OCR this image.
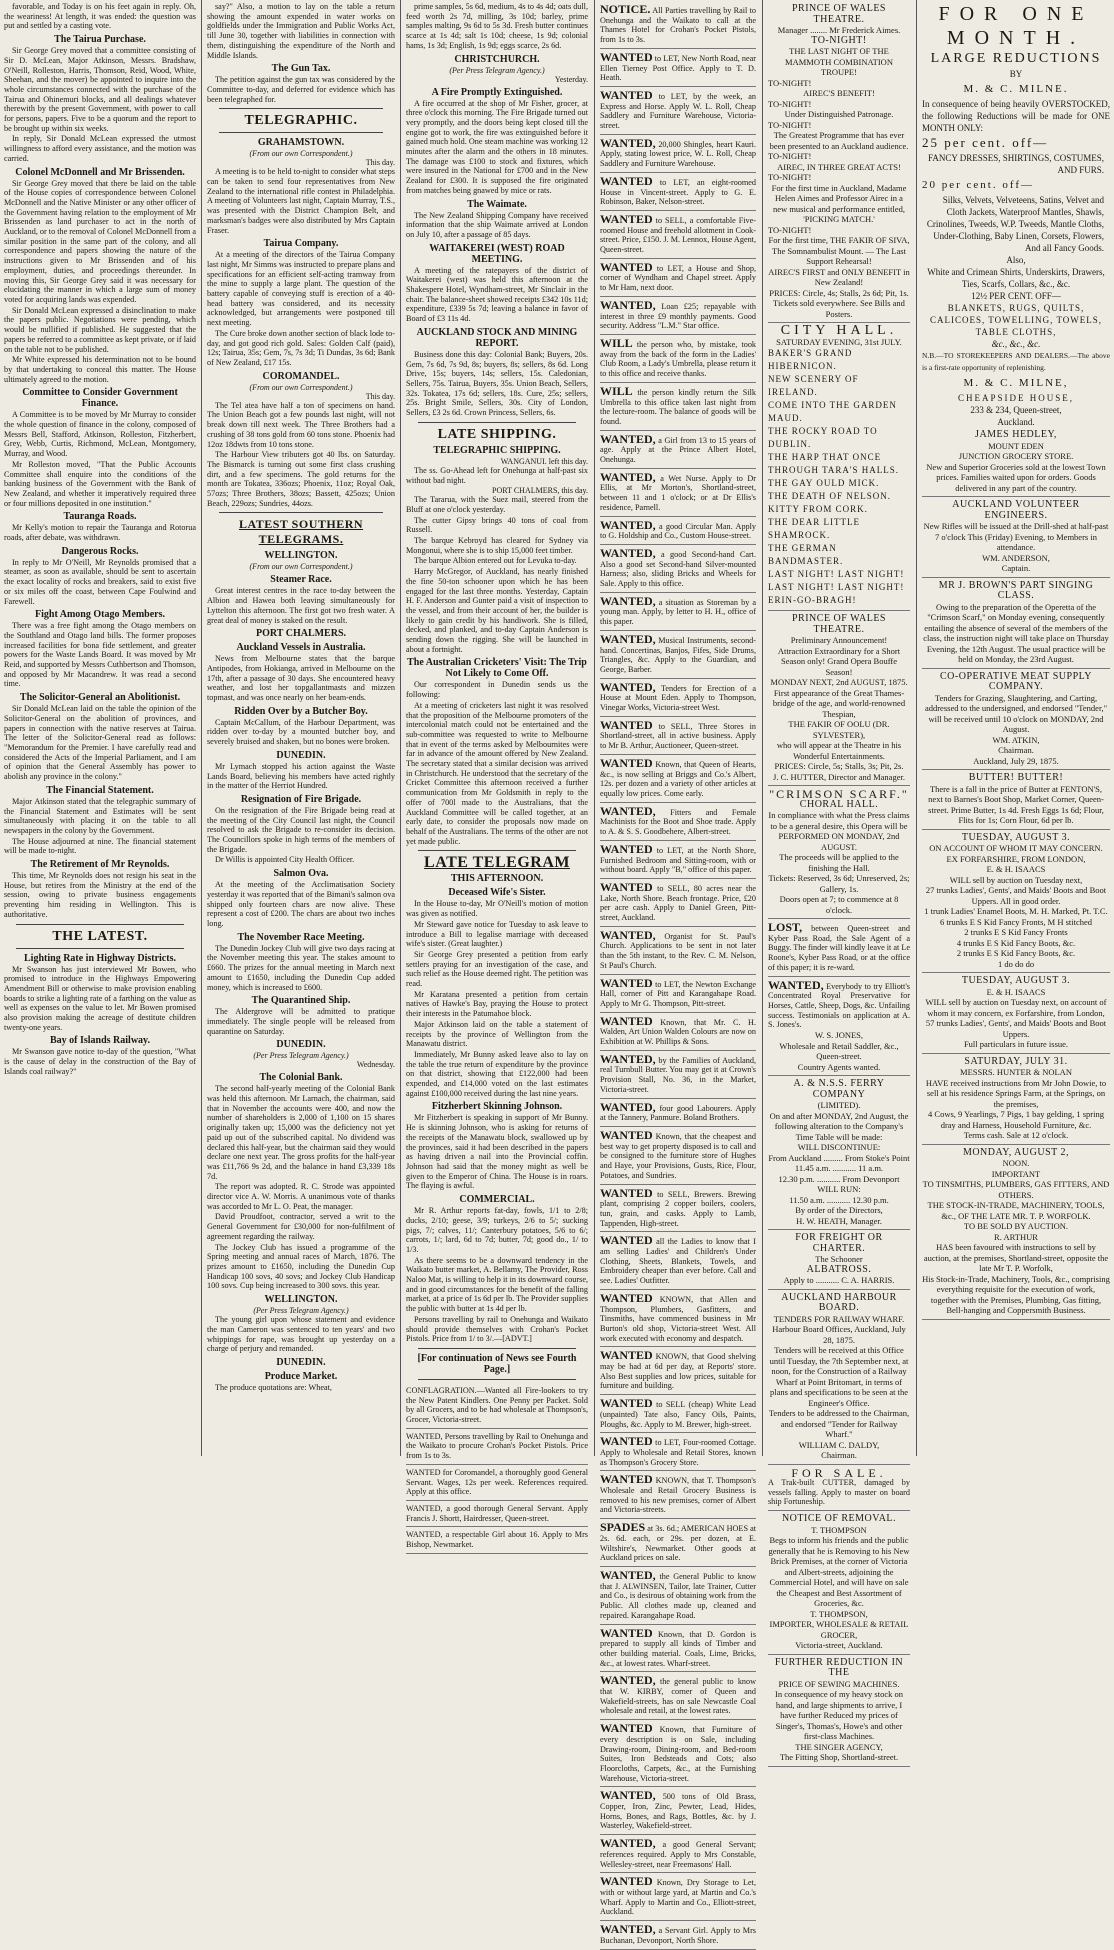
favorable, and Today is on his feet again in reply. Oh, the weariness! At length, it was ended: the question was put and settled by a casting vote.

The Tairua Purchase.

Sir George Grey moved that a committee consisting of Sir D. McLean, Major Atkinson, Messrs. Bradshaw, O'Neill, Rolleston, Harris, Thomson, Reid, Wood, White, Sheehan, and the mover) be appointed to inquire into the whole circumstances connected with the purchase of the Tairua and Ohinemuri blocks, and all dealings whatever therewith by the present Government, with power to call for persons, papers. Five to be a quorum and the report to be brought up within six weeks.

In reply, Sir Donald McLean expressed the utmost willingness to afford every assistance, and the motion was carried.

Colonel McDonnell and Mr Brissenden.

Sir George Grey moved that there be laid on the table of the House copies of correspondence between Colonel McDonnell and the Native Minister or any other officer of the Government having relation to the employment of Mr Brissenden as land purchaser to act in the north of Auckland, or to the removal of Colonel McDonnell from a similar position in the same part of the colony, and all correspondence and papers showing the nature of the instructions given to Mr Brissenden and of his employment, duties, and proceedings thereunder. In moving this, Sir George Grey said it was necessary for elucidating the manner in which a large sum of money voted for acquiring lands was expended.

Sir Donald McLean expressed a disinclination to make the papers public. Negotiations were pending, which would be nullified if published. He suggested that the papers be referred to a committee as kept private, or if laid on the table not to be published.

Mr White expressed his determination not to be bound by that undertaking to conceal this matter. The House ultimately agreed to the motion.

Committee to Consider Government Finance.

A Committee is to be moved by Mr Murray to consider the whole question of finance in the colony, composed of Messrs Bell, Stafford, Atkinson, Rolleston, Fitzherbert, Grey, Webb, Curtis, Richmond, McLean, Montgomery, Murray, and Wood.

Mr Rolleston moved, "That the Public Accounts Committee shall enquire into the conditions of the banking business of the Government with the Bank of New Zealand, and whether it imperatively required three or four millions deposited in one institution."

Tauranga Roads.

Mr Kelly's motion to repair the Tauranga and Rotorua roads, after debate, was withdrawn.

Dangerous Rocks.

In reply to Mr O'Neill, Mr Reynolds promised that a steamer, as soon as available, should be sent to ascertain the exact locality of rocks and breakers, said to exist five or six miles off the coast, between Cape Foulwind and Farewell.

Fight Among Otago Members.

There was a free fight among the Otago members on the Southland and Otago land bills. The former proposes increased facilities for bona fide settlement, and greater powers for the Waste Lands Board. It was moved by Mr Reid, and supported by Messrs Cuthbertson and Thomson, and opposed by Mr Macandrew. It was read a second time.

The Solicitor-General an Abolitionist.

Sir Donald McLean laid on the table the opinion of the Solicitor-General on the abolition of provinces, and papers in connection with the native reserves at Tairua. The letter of the Solicitor-General read as follows: "Memorandum for the Premier. I have carefully read and considered the Acts of the Imperial Parliament, and I am of opinion that the General Assembly has power to abolish any province in the colony."

The Financial Statement.

Major Atkinson stated that the telegraphic summary of the Financial Statement and Estimates will be sent simultaneously with placing it on the table to all newspapers in the colony by the Government.

The House adjourned at nine. The financial statement will be made to-night.

The Retirement of Mr Reynolds.

This time, Mr Reynolds does not resign his seat in the House, but retires from the Ministry at the end of the session, owing to private business engagements preventing him residing in Wellington. This is authoritative.

THE LATEST.
Lighting Rate in Highway Districts.

Mr Swanson has just interviewed Mr Bowen, who promised to introduce in the Highways Empowering Amendment Bill or otherwise to make provision enabling boards to strike a lighting rate of a farthing on the value as well as expenses on the value to let. Mr Bowen promised also provision making the acreage of destitute children twenty-one years.

Bay of Islands Railway.

Mr Swanson gave notice to-day of the question, "What is the cause of delay in the construction of the Bay of Islands coal railway?"

say?" Also, a motion to lay on the table a return showing the amount expended in water works on goldfields under the Immigration and Public Works Act, till June 30, together with liabilities in connection with them, distinguishing the expenditure of the North and Middle Islands.

The Gun Tax.

The petition against the gun tax was considered by the Committee to-day, and deferred for evidence which has been telegraphed for.

TELEGRAPHIC.
GRAHAMSTOWN.
(From our own Correspondent.)
This day.

A meeting is to be held to-night to consider what steps can be taken to send four representatives from New Zealand to the international rifle contest in Philadelphia. A meeting of Volunteers last night, Captain Murray, T.S., was presented with the District Champion Belt, and marksman's badges were also distributed by Mrs Captain Fraser.

Tairua Company.

At a meeting of the directors of the Tairua Company last night, Mr Simms was instructed to prepare plans and specifications for an efficient self-acting tramway from the mine to supply a large plant. The question of the battery capable of conveying stuff is erection of a 40-head battery was considered, and its necessity acknowledged, but arrangements were postponed till next meeting.

The Cure broke down another section of black lode to-day, and got good rich gold. Sales: Golden Calf (paid), 12s; Tairua, 35s; Gem, 7s, 7s 3d; Ti Dundas, 3s 6d; Bank of New Zealand, £17 15s.

COROMANDEL.
(From our own Correspondent.)
This day.

The Tel atea have half a ton of specimens on hand. The Union Beach got a few pounds last night, will not break down till next week. The Three Brothers had a crushing of 38 tons gold from 60 tons stone. Phoenix had 12oz 18dwts from 10 tons stone.

The Harbour View tributers got 40 lbs. on Saturday. The Bismarck is turning out some first class crushing dirt, and a few specimens. The gold returns for the month are Tokatea, 336ozs; Phoenix, 11oz; Royal Oak, 57ozs; Three Brothers, 38ozs; Bassett, 425ozs; Union Beach, 229ozs; Sundries, 44ozs.

LATEST SOUTHERN TELEGRAMS.
WELLINGTON.
(From our own Correspondent.)
Steamer Race.

Great interest centres in the race to-day between the Albion and Hawea both leaving simultaneously for Lyttelton this afternoon. The first got two fresh water. A great deal of money is staked on the result.

PORT CHALMERS.
Auckland Vessels in Australia.

News from Melbourne states that the barque Antipodes, from Hokianga, arrived in Melbourne on the 17th, after a passage of 30 days. She encountered heavy weather, and lost her topgallantmasts and mizzen topmast, and was once nearly on her beam-ends.

Ridden Over by a Butcher Boy.

Captain McCallum, of the Harbour Department, was ridden over to-day by a mounted butcher boy, and severely bruised and shaken, but no bones were broken.

DUNEDIN.

Mr Lymach stopped his action against the Waste Lands Board, believing his members have acted rightly in the matter of the Herriot Hundred.

Resignation of Fire Brigade.

On the resignation of the Fire Brigade being read at the meeting of the City Council last night, the Council resolved to ask the Brigade to re-consider its decision. The Councillors spoke in high terms of the members of the Brigade.

Dr Willis is appointed City Health Officer.

Salmon Ova.

At the meeting of the Acclimatisation Society yesterday it was reported that of the Bimani's salmon ova shipped only fourteen chars are now alive. These represent a cost of £200. The chars are about two inches long.

The November Race Meeting.

The Dunedin Jockey Club will give two days racing at the November meeting this year. The stakes amount to £660. The prizes for the annual meeting in March next amount to £1650, including the Dunedin Cup added money, which is increased to £600.

The Quarantined Ship.

The Aldergrove will be admitted to pratique immediately. The single people will be released from quarantine on Saturday.

DUNEDIN.
(Per Press Telegram Agency.)
Wednesday.
The Colonial Bank.

The second half-yearly meeting of the Colonial Bank was held this afternoon. Mr Larnach, the chairman, said that in November the accounts were 400, and now the number of shareholders is 2,000 of 1,100 on 15 shares originally taken up; 15,000 was the deficiency not yet paid up out of the subscribed capital. No dividend was declared this half-year, but the chairman said they would declare one next year. The gross profits for the half-year was £11,766 9s 2d, and the balance in hand £3,339 18s 7d.

The report was adopted. R. C. Strode was appointed director vice A. W. Morris. A unanimous vote of thanks was accorded to Mr L. O. Peat, the manager.

David Proudfoot, contractor, served a writ to the General Government for £30,000 for non-fulfilment of agreement regarding the railway.

The Jockey Club has issued a programme of the Spring meeting and annual races of March, 1876. The prizes amount to £1650, including the Dunedin Cup Handicap 100 sovs, 40 sovs; and Jockey Club Handicap 100 sovs. Cup being increased to 300 sovs. this year.

WELLINGTON.
(Per Press Telegram Agency.)

The young girl upon whose statement and evidence the man Cameron was sentenced to ten years' and two whippings for rape, was brought up yesterday on a charge of perjury and remanded.

DUNEDIN.
Produce Market.

The produce quotations are: Wheat,

prime samples, 5s 6d, medium, 4s to 4s 4d; oats dull, feed worth 2s 7d, milling, 3s 10d; barley, prime samples malting, 9s 6d to 5s 3d. Fresh butter continues scarce at 1s 4d; salt 1s 10d; cheese, 1s 9d; colonial hams, 1s 3d; English, 1s 9d; eggs scarce, 2s 6d.

CHRISTCHURCH.
(Per Press Telegram Agency.)
Yesterday.
A Fire Promptly Extinguished.

A fire occurred at the shop of Mr Fisher, grocer, at three o'clock this morning. The Fire Brigade turned out very promptly, and the doors being kept closed till the engine got to work, the fire was extinguished before it gained much hold. One steam machine was working 12 minutes after the alarm and the others in 18 minutes. The damage was £100 to stock and fixtures, which were insured in the National for £700 and in the New Zealand for £300. It is supposed the fire originated from matches being gnawed by mice or rats.

The Waimate.

The New Zealand Shipping Company have received information that the ship Waimate arrived at London on July 10, after a passage of 85 days.

WAITAKEREI (WEST) ROAD MEETING.

A meeting of the ratepayers of the district of Waitakerei (west) was held this afternoon at the Shakespere Hotel, Wyndham-street, Mr Sinclair in the chair. The balance-sheet showed receipts £342 10s 11d; expenditure, £339 5s 7d; leaving a balance in favor of Board of £3 11s 4d.

AUCKLAND STOCK AND MINING REPORT.

Business done this day: Colonial Bank; Buyers, 20s. Gem, 7s 6d, 7s 9d, 8s; buyers, 8s; sellers, 8s 6d. Long Drive, 15s; buyers, 14s; sellers, 15s. Caledonian, Sellers, 75s. Tairua, Buyers, 35s. Union Beach, Sellers, 32s. Tokatea, 17s 6d; sellers, 18s. Cure, 25s; sellers, 25s. Bright Smile, Sellers, 30s. City of London, Sellers, £3 2s 6d. Crown Princess, Sellers, 6s.

LATE SHIPPING.
TELEGRAPHIC SHIPPING.
WANGANUI. left this day.

The ss. Go-Ahead left for Onehunga at half-past six without bad night.

PORT CHALMERS, this day.

The Tararua, with the Suez mail, steered from the Bluff at one o'clock yesterday.

The cutter Gipsy brings 40 tons of coal from Russell.

The barque Kebroyd has cleared for Sydney via Mongonui, where she is to ship 15,000 feet timber.

The barque Albion entered out for Levuka to-day.

Harry McGregor, of Auckland, has nearly finished the fine 50-ton schooner upon which he has been engaged for the last three months. Yesterday, Captain H. F. Anderson and Gunter paid a visit of inspection to the vessel, and from their account of her, the builder is likely to gain credit by his handiwork. She is filled, decked, and planked, and to-day Captain Anderson is sending down the rigging. She will be launched in about a fortnight.

The Australian Cricketers' Visit: The Trip Not Likely to Come Off.

Our correspondent in Dunedin sends us the following:

At a meeting of cricketers last night it was resolved that the proposition of the Melbourne promoters of the intercolonial match could not be entertained and the sub-committee was requested to write to Melbourne that in event of the terms asked by Melbournites were far in advance of the amount offered by New Zealand. The secretary stated that a similar decision was arrived in Christchurch. He understood that the secretary of the Cricket Committee this afternoon received a further communication from Mr Goldsmith in reply to the offer of 700l made to the Australians, that the Auckland Committee will be called together, at an early date, to consider the proposals now made on behalf of the Australians. The terms of the other are not yet made public.

LATE TELEGRAM
THIS AFTERNOON.
Deceased Wife's Sister.

In the House to-day, Mr O'Neill's motion of motion was given as notified.

Mr Steward gave notice for Tuesday to ask leave to introduce a Bill to legalise marriage with deceased wife's sister. (Great laughter.)

Sir George Grey presented a petition from early settlers praying for an investigation of the case, and such relief as the House deemed right. The petition was read.

Mr Karatana presented a petition from certain natives of Hawke's Bay, praying the House to protect their interests in the Patumahoe block.

Major Atkinson laid on the table a statement of receipts by the province of Wellington from the Manawatu district.

Immediately, Mr Bunny asked leave also to lay on the table the true return of expenditure by the province on that district, showing that £122,000 had been expended, and £14,000 voted on the last estimates against £100,000 received during the last nine years.

Fitzherbert Skinning Johnson.

Mr Fitzherbert is speaking in support of Mr Bunny. He is skinning Johnson, who is asking for returns of the receipts of the Manawatu block, swallowed up by the provinces, said it had been described in the papers as having driven a nail into the Provincial coffin. Johnson had said that the money might as well be given to the Emperor of China. The House is in roars. The flaying is awful.

COMMERCIAL.

Mr R. Arthur reports fat-day, fowls, 1/1 to 2/8; ducks, 2/10; geese, 3/9; turkeys, 2/6 to 5/; sucking pigs, 7/; calves, 11/; Canterbury potatoes, 5/6 to 6/; carrots, 1/; lard, 6d to 7d; butter, 7d; good do., 1/ to 1/3.

As there seems to be a downward tendency in the Waikato butter market, A. Bellamy, The Provider, Ross Naloo Mat, is willing to help it in its downward course, and in good circumstances for the benefit of the falling market, at a price of 1s 6d per lb. The Provider supplies the public with butter at 1s 4d per lb.

Persons travelling by rail to Onehunga and Waikato should provide themselves with Crohan's Pocket Pistols. Price from 1/ to 3/.—[ADVT.]

[For continuation of News see Fourth Page.]
CONFLAGRATION.—Wanted all Fire-lookers to try the New Patent Kindlers. One Penny per Packet. Sold by all Grocers, and to be had wholesale at Thompson's, Grocer, Victoria-street.
WANTED, Persons travelling by Rail to Onehunga and the Waikato to procure Crohan's Pocket Pistols. Price from 1s to 3s.
WANTED for Coromandel, a thoroughly good General Servant. Wages, 12s per week. References required. Apply at this office.
WANTED, a good thorough General Servant. Apply Francis J. Shortt, Hairdresser, Queen-street.
WANTED, a respectable Girl about 16. Apply to Mrs Bishop, Newmarket.
NOTICE. All Parties travelling by Rail to Onehunga and the Waikato to call at the Thames Hotel for Crohan's Pocket Pistols, from 1s to 3s.
WANTED to LET, New North Road, near Ellen Tierney Post Office. Apply to T. D. Heath.
WANTED to LET, by the week, an Express and Horse. Apply W. L. Roll, Cheap Saddlery and Furniture Warehouse, Victoria-street.
WANTED, 20,000 Shingles, heart Kauri. Apply, stating lowest price, W. L. Roll, Cheap Saddlery and Furniture Warehouse.
WANTED to LET, an eight-roomed House in Vincent-street. Apply to G. E. Robinson, Baker, Nelson-street.
WANTED to SELL, a comfortable Five-roomed House and freehold allotment in Cook-street. Price, £150. J. M. Lennox, House Agent, Queen-street.
WANTED to LET, a House and Shop, corner of Wyndham and Chapel street. Apply to Mr Ham, next door.
WANTED, Loan £25; repayable with interest in three £9 monthly payments. Good security. Address "L.M." Star office.
WILL the person who, by mistake, took away from the back of the form in the Ladies' Club Room, a Lady's Umbrella, please return it to this office and receive thanks.
WILL the person kindly return the Silk Umbrella to this office taken last night from the lecture-room. The balance of goods will be found.
WANTED, a Girl from 13 to 15 years of age. Apply at the Prince Albert Hotel, Onehunga.
WANTED, a Wet Nurse. Apply to Dr Ellis, at Mr Morton's, Shortland-street, between 11 and 1 o'clock; or at Dr Ellis's residence, Parnell.
WANTED, a good Circular Man. Apply to G. Holdship and Co., Custom House-street.
WANTED, a good Second-hand Cart. Also a good set Second-hand Silver-mounted Harness; also, sliding Bricks and Wheels for Sale. Apply to this office.
WANTED, a situation as Storeman by a young man. Apply, by letter to H. H., office of this paper.
WANTED, Musical Instruments, second-hand. Concertinas, Banjos, Fifes, Side Drums, Triangles, &c. Apply to the Guardian, and George, Barber.
WANTED, Tenders for Erection of a House at Mount Eden. Apply to Thompson, Vinegar Works, Victoria-street West.
WANTED to SELL, Three Stores in Shortland-street, all in active business. Apply to Mr B. Arthur, Auctioneer, Queen-street.
WANTED Known, that Queen of Hearts, &c., is now selling at Briggs and Co.'s Albert, 12s. per dozen and a variety of other articles at equally low prices. Come early.
WANTED, Fitters and Female Machinists for the Boot and Shoe trade. Apply to A. & S. S. Goodbehere, Albert-street.
WANTED to LET, at the North Shore, Furnished Bedroom and Sitting-room, with or without board. Apply "B," office of this paper.
WANTED to SELL, 80 acres near the Lake, North Shore. Beach frontage. Price, £20 per acre cash. Apply to Daniel Green, Pitt-street, Auckland.
WANTED, Organist for St. Paul's Church. Applications to be sent in not later than the 5th instant, to the Rev. C. M. Nelson, St Paul's Church.
WANTED to LET, the Newton Exchange Hall, corner of Pitt and Karangahape Road. Apply to Mr G. Thompson, Pitt-street.
WANTED Known, that Mr. C. H. Walden, Art Union Walden Colours are now on Exhibition at W. Phillips & Sons.
WANTED, by the Families of Auckland, real Turnbull Butter. You may get it at Crown's Provision Stall, No. 36, in the Market, Victoria-street.
WANTED, four good Labourers. Apply at the Tannery, Panmure. Boland Brothers.
WANTED Known, that the cheapest and best way to get property disposed is to call and be consigned to the furniture store of Hughes and Haye, your Provisions, Gusts, Rice, Flour, Potatoes, and Sundries.
WANTED to SELL, Brewers. Brewing plant, comprising 2 copper boilers, coolers, tun, grain, and casks. Apply to Lamb, Tappenden, High-street.
WANTED all the Ladies to know that I am selling Ladies' and Children's Under Clothing, Sheets, Blankets, Towels, and Embroidery cheaper than ever before. Call and see. Ladies' Outfitter.
WANTED KNOWN, that Allen and Thompson, Plumbers, Gasfitters, and Tinsmiths, have commenced business in Mr Burton's old shop, Victoria-street West. All work executed with economy and despatch.
WANTED KNOWN, that Good shelving may be had at 6d per day, at Reports' store. Also Best supplies and low prices, suitable for furniture and building.
WANTED to SELL (cheap) White Lead (unpainted) Tate also, Fancy Oils, Paints, Ploughs, &c. Apply to M. Brewer, high-street.
WANTED to LET, Four-roomed Cottage. Apply to Wholesale and Retail Stores, known as Thompson's Grocery Store.
WANTED KNOWN, that T. Thompson's Wholesale and Retail Grocery Business is removed to his new premises, corner of Albert and Victoria-streets.
SPADES at 3s. 6d.; AMERICAN HOES at 2s. 6d. each, or 29s. per dozen, at E. Wiltshire's, Newmarket. Other goods at Auckland prices on sale.
WANTED, the General Public to know that J. ALWINSEN, Tailor, late Trainer, Cutter and Co., is desirous of obtaining work from the Public. All clothes made up, cleaned and repaired. Karangahape Road.
WANTED Known, that D. Gordon is prepared to supply all kinds of Timber and other building material. Coals, Lime, Bricks, &c., at lowest rates. Wharf-street.
WANTED, the general public to know that W. KIRBY, corner of Queen and Wakefield-streets, has on sale Newcastle Coal wholesale and retail, at the lowest rates.
WANTED Known, that Furniture of every description is on Sale, including Drawing-room, Dining-room, and Bed-room Suites, Iron Bedsteads and Cots; also Floorcloths, Carpets, &c., at the Furnishing Warehouse, Victoria-street.
WANTED, 500 tons of Old Brass, Copper, Iron, Zinc, Pewter, Lead, Hides, Horns, Bones, and Rags, Bottles, &c. by J. Wasterley, Wakefield-street.
WANTED, a good General Servant; references required. Apply to Mrs Constable, Wellesley-street, near Freemasons' Hall.
WANTED Known, Dry Storage to Let, with or without large yard, at Martin and Co.'s Wharf. Apply to Martin and Co., Elliott-street, Auckland.
WANTED, a Servant Girl. Apply to Mrs Buchanan, Devonport, North Shore.
PRINCE OF WALES THEATRE.
Manager ........ Mr Frederick Aimes.
TO-NIGHT!
THE LAST NIGHT OF THE
MAMMOTH COMBINATION TROUPE!
TO-NIGHT!
AIREC'S BENEFIT!
TO-NIGHT!
Under Distinguished Patronage.
TO-NIGHT!
The Greatest Programme that has ever been presented to an Auckland audience.
TO-NIGHT!
AIREC, IN THREE GREAT ACTS!
TO-NIGHT!
For the first time in Auckland, Madame Helen Aimes and Professor Airec in a new musical and performance entitled, 'PICKING MATCH.'
TO-NIGHT!
For the first time, THE FAKIR OF SIVA, The Somnambulist Mount. — The Last Support Rehearsal!
AIREC'S FIRST and ONLY BENEFIT in New Zealand!
PRICES: Circle, 4s; Stalls, 2s 6d; Pit, 1s. Tickets sold everywhere. See Bills and Posters.
CITY HALL.
SATURDAY EVENING, 31st JULY.
BAKER'S GRAND HIBERNICON.
NEW SCENERY OF IRELAND.
COME INTO THE GARDEN MAUD.
THE ROCKY ROAD TO DUBLIN.
THE HARP THAT ONCE THROUGH TARA'S HALLS.
THE GAY OULD MICK.
THE DEATH OF NELSON.
KITTY FROM CORK.
THE DEAR LITTLE SHAMROCK.
THE GERMAN BANDMASTER.
LAST NIGHT! LAST NIGHT!
LAST NIGHT! LAST NIGHT!
ERIN-GO-BRAGH!
PRINCE OF WALES THEATRE.
Preliminary Announcement!
Attraction Extraordinary for a Short Season only! Grand Opera Bouffe Season!
MONDAY NEXT, 2nd AUGUST, 1875.
First appearance of the Great Thames-bridge of the age, and world-renowned Thespian,
THE FAKIR OF OOLU (DR. SYLVESTER),
who will appear at the Theatre in his Wonderful Entertainments.
PRICES: Circle, 5s; Stalls, 3s; Pit, 2s.
J. C. HUTTER, Director and Manager.
"CRIMSON SCARF."
CHORAL HALL.
In compliance with what the Press claims to be a general desire, this Opera will be PERFORMED ON MONDAY, 2nd AUGUST.
The proceeds will be applied to the finishing the Hall.
Tickets: Reserved, 3s 6d; Unreserved, 2s; Gallery, 1s.
Doors open at 7; to commence at 8 o'clock.
LOST, between Queen-street and Kyber Pass Road, the Sale Agent of a Buggy. The finder will kindly leave it at Le Roone's, Kyber Pass Road, or at the office of this paper; it is re-ward.
WANTED, Everybody to try Elliott's Concentrated Royal Preservative for Horses, Cattle, Sheep, Dogs, &c. Unfailing success. Testimonials on application at A. S. Jones's.
W. S. JONES,
Wholesale and Retail Saddler, &c.,
Queen-street.
Country Agents wanted.
A. & N.S.S. FERRY COMPANY
(LIMITED).
On and after MONDAY, 2nd August, the following alteration to the Company's Time Table will be made:
WILL DISCONTINUE:
From Auckland ......... From Stoke's Point
11.45 a.m. ........... 11 a.m.
12.30 p.m. ........... From Devonport
WILL RUN:
11.50 a.m. ........... 12.30 p.m.
By order of the Directors,
H. W. HEATH, Manager.
FOR FREIGHT OR CHARTER.
The Schooner
ALBATROSS.
Apply to ........... C. A. HARRIS.
AUCKLAND HARBOUR BOARD.
TENDERS FOR RAILWAY WHARF.
Harbour Board Offices, Auckland, July 28, 1875.
Tenders will be received at this Office until Tuesday, the 7th September next, at noon, for the Construction of a Railway Wharf at Point Britomart, in terms of plans and specifications to be seen at the Engineer's Office.
Tenders to be addressed to the Chairman, and endorsed "Tender for Railway Wharf."
WILLIAM C. DALDY,
Chairman.
FOR SALE.
A Trak-built CUTTER, damaged by vessels falling. Apply to master on board ship Fortuneship.
NOTICE OF REMOVAL.
T. THOMPSON
Begs to inform his friends and the public generally that he is Removing to his New Brick Premises, at the corner of Victoria and Albert-streets, adjoining the Commercial Hotel, and will have on sale the Cheapest and Best Assortment of Groceries, &c.
T. THOMPSON,
IMPORTER, WHOLESALE & RETAIL GROCER,
Victoria-street, Auckland.
FURTHER REDUCTION IN THE
PRICE OF SEWING MACHINES.
In consequence of my heavy stock on hand, and large shipments to arrive, I have further Reduced my prices of Singer's, Thomas's, Howe's and other first-class Machines.
THE SINGER AGENCY,
The Fitting Shop, Shortland-street.
FOR ONE MONTH.
LARGE REDUCTIONS
BY
M. & C. MILNE.
In consequence of being heavily OVERSTOCKED, the following Reductions will be made for ONE MONTH ONLY:
25 per cent. off—
FANCY DRESSES, SHIRTINGS, COSTUMES, AND FURS.
20 per cent. off—
Silks, Velvets, Velveteens, Satins, Velvet and Cloth Jackets, Waterproof Mantles, Shawls, Crinolines, Tweeds, W.P. Tweeds, Mantle Cloths, Under-Clothing, Baby Linen, Corsets, Flowers, And all Fancy Goods.
Also,
White and Crimean Shirts, Underskirts, Drawers, Ties, Scarfs, Collars, &c., &c.
12½ PER CENT. OFF—
BLANKETS, RUGS, QUILTS, CALICOES, TOWELLING, TOWELS, TABLE CLOTHS,
&c., &c., &c.
N.B.—TO STOREKEEPERS AND DEALERS.—The above is a first-rate opportunity of replenishing.
M. & C. MILNE,
CHEAPSIDE HOUSE,
233 & 234, Queen-street,
Auckland.
JAMES HEDLEY,
MOUNT EDEN
JUNCTION GROCERY STORE.
New and Superior Groceries sold at the lowest Town prices. Families waited upon for orders. Goods delivered in any part of the country.
AUCKLAND VOLUNTEER ENGINEERS.
New Rifles will be issued at the Drill-shed at half-past 7 o'clock This (Friday) Evening, to Members in attendance.
WM. ANDERSON,
Captain.
MR J. BROWN'S PART SINGING CLASS.
Owing to the preparation of the Operetta of the "Crimson Scarf," on Monday evening, consequently entailing the absence of several of the members of the class, the instruction night will take place on Thursday Evening, the 12th August. The usual practice will be held on Monday, the 23rd August.
CO-OPERATIVE MEAT SUPPLY COMPANY.
Tenders for Grazing, Slaughtering, and Carting, addressed to the undersigned, and endorsed "Tender," will be received until 10 o'clock on MONDAY, 2nd August.
WM. ATKIN,
Chairman.
Auckland, July 29, 1875.
BUTTER! BUTTER!
There is a fall in the price of Butter at FENTON'S, next to Barnes's Boot Shop, Market Corner, Queen-street. Prime Butter, 1s 4d. Fresh Eggs 1s 6d; Flour, Flits for 1s; Corn Flour, 6d per lb.
TUESDAY, AUGUST 3.
ON ACCOUNT OF WHOM IT MAY CONCERN.
EX FORFARSHIRE, FROM LONDON,
E. & H. ISAACS
WILL sell by auction on Tuesday next,
27 trunks Ladies', Gents', and Maids' Boots and Boot Uppers. All in good order.
1 trunk Ladies' Enamel Boots, M. H. Marked, Pt. T.C.
6 trunks E S Kid Fancy Fronts, M H stitched
2 trunks E S Kid Fancy Fronts
4 trunks E S Kid Fancy Boots, &c.
2 trunks E S Kid Fancy Boots, &c.
1 do do do
TUESDAY, AUGUST 3.
E. & H. ISAACS
WILL sell by auction on Tuesday next, on account of whom it may concern, ex Forfarshire, from London,
57 trunks Ladies', Gents', and Maids' Boots and Boot Uppers.
Full particulars in future issue.
SATURDAY, JULY 31.
MESSRS. HUNTER & NOLAN
HAVE received instructions from Mr John Dowie, to sell at his residence Springs Farm, at the Springs, on the premises,
4 Cows, 9 Yearlings, 7 Pigs, 1 bay gelding, 1 spring dray and Harness, Household Furniture, &c.
Terms cash. Sale at 12 o'clock.
MONDAY, AUGUST 2,
NOON.
IMPORTANT
TO TINSMITHS, PLUMBERS, GAS FITTERS, AND OTHERS.
THE STOCK-IN-TRADE, MACHINERY, TOOLS, &c., OF THE LATE MR. T. P. WORFOLK.
TO BE SOLD BY AUCTION.
R. ARTHUR
HAS been favoured with instructions to sell by auction, at the premises, Shortland-street, opposite the late Mr T. P. Worfolk,
His Stock-in-Trade, Machinery, Tools, &c., comprising everything requisite for the execution of work, together with the Premises, Plumbing, Gas fitting, Bell-hanging and Coppersmith Business.
